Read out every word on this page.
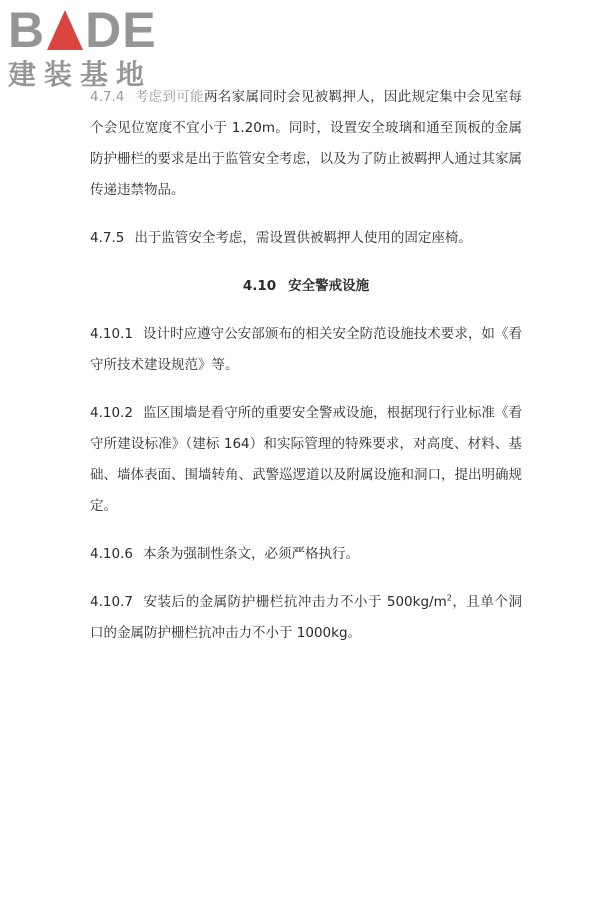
B DE
建装基地

4.7.4 考虑到可能两名家属同时会见被羁押人，因此规定集中会见室每个会见位宽度不宜小于 1.20m。同时，设置安全玻璃和通至顶板的金属防护栅栏的要求是出于监管安全考虑，以及为了防止被羁押人通过其家属传递违禁物品。

4.7.5 出于监管安全考虑，需设置供被羁押人使用的固定座椅。

4.10 安全警戒设施

4.10.1 设计时应遵守公安部颁布的相关安全防范设施技术要求，如《看守所技术建设规范》等。

4.10.2 监区围墙是看守所的重要安全警戒设施，根据现行行业标准《看守所建设标准》（建标 164）和实际管理的特殊要求，对高度、材料、基础、墙体表面、围墙转角、武警巡逻道以及附属设施和洞口，提出明确规定。

4.10.6 本条为强制性条文，必须严格执行。

4.10.7 安装后的金属防护栅栏抗冲击力不小于 $500kg/m^2$，且单个洞口的金属防护栅栏抗冲击力不小于 1000kg。
